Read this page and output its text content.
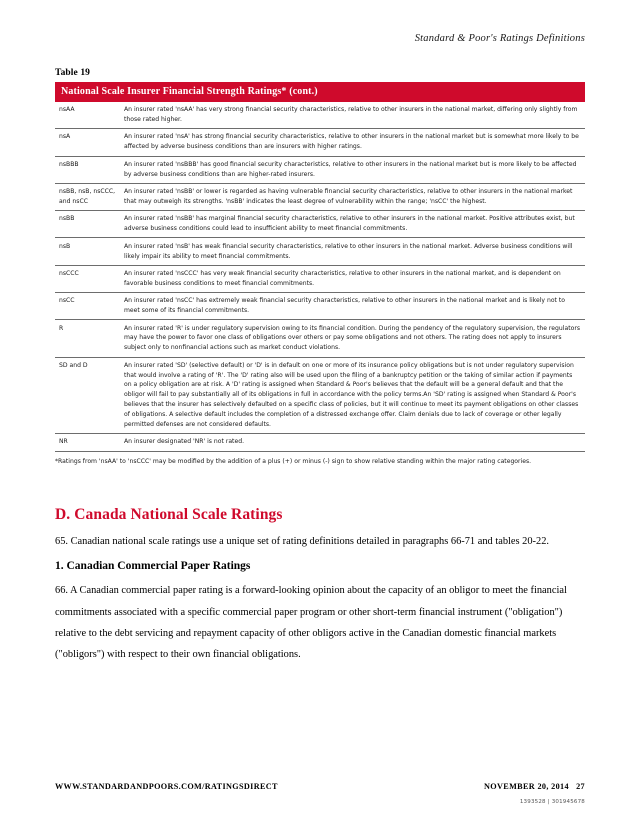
Standard & Poor's Ratings Definitions
Table 19
National Scale Insurer Financial Strength Ratings* (cont.)
nsAA	An insurer rated 'nsAA' has very strong financial security characteristics, relative to other insurers in the national market, differing only slightly from those rated higher.
nsA	An insurer rated 'nsA' has strong financial security characteristics, relative to other insurers in the national market but is somewhat more likely to be affected by adverse business conditions than are insurers with higher ratings.
nsBBB	An insurer rated 'nsBBB' has good financial security characteristics, relative to other insurers in the national market but is more likely to be affected by adverse business conditions than are higher-rated insurers.
nsBB, nsB, nsCCC, and nsCC	An insurer rated 'nsBB' or lower is regarded as having vulnerable financial security characteristics, relative to other insurers in the national market that may outweigh its strengths. 'nsBB' indicates the least degree of vulnerability within the range; 'nsCC' the highest.
nsBB	An insurer rated 'nsBB' has marginal financial security characteristics, relative to other insurers in the national market. Positive attributes exist, but adverse business conditions could lead to insufficient ability to meet financial commitments.
nsB	An insurer rated 'nsB' has weak financial security characteristics, relative to other insurers in the national market. Adverse business conditions will likely impair its ability to meet financial commitments.
nsCCC	An insurer rated 'nsCCC' has very weak financial security characteristics, relative to other insurers in the national market, and is dependent on favorable business conditions to meet financial commitments.
nsCC	An insurer rated 'nsCC' has extremely weak financial security characteristics, relative to other insurers in the national market and is likely not to meet some of its financial commitments.
R	An insurer rated 'R' is under regulatory supervision owing to its financial condition. During the pendency of the regulatory supervision, the regulators may have the power to favor one class of obligations over others or pay some obligations and not others. The rating does not apply to insurers subject only to nonfinancial actions such as market conduct violations.
SD and D	An insurer rated 'SD' (selective default) or 'D' is in default on one or more of its insurance policy obligations but is not under regulatory supervision that would involve a rating of 'R'. The 'D' rating also will be used upon the filing of a bankruptcy petition or the taking of similar action if payments on a policy obligation are at risk. A 'D' rating is assigned when Standard & Poor's believes that the default will be a general default and that the obligor will fail to pay substantially all of its obligations in full in accordance with the policy terms.An 'SD' rating is assigned when Standard & Poor's believes that the insurer has selectively defaulted on a specific class of policies, but it will continue to meet its payment obligations on other classes of obligations. A selective default includes the completion of a distressed exchange offer. Claim denials due to lack of coverage or other legally permitted defenses are not considered defaults.
NR	An insurer designated 'NR' is not rated.
*Ratings from 'nsAA' to 'nsCCC' may be modified by the addition of a plus (+) or minus (-) sign to show relative standing within the major rating categories.
D. Canada National Scale Ratings

65. Canadian national scale ratings use a unique set of rating definitions detailed in paragraphs 66-71 and tables 20-22.

1. Canadian Commercial Paper Ratings

66. A Canadian commercial paper rating is a forward-looking opinion about the capacity of an obligor to meet the financial commitments associated with a specific commercial paper program or other short-term financial instrument ("obligation") relative to the debt servicing and repayment capacity of other obligors active in the Canadian domestic financial markets ("obligors") with respect to their own financial obligations.

WWW.STANDARDANDPOORS.COM/RATINGSDIRECT	NOVEMBER 20, 2014   27
1393528 | 301945678
